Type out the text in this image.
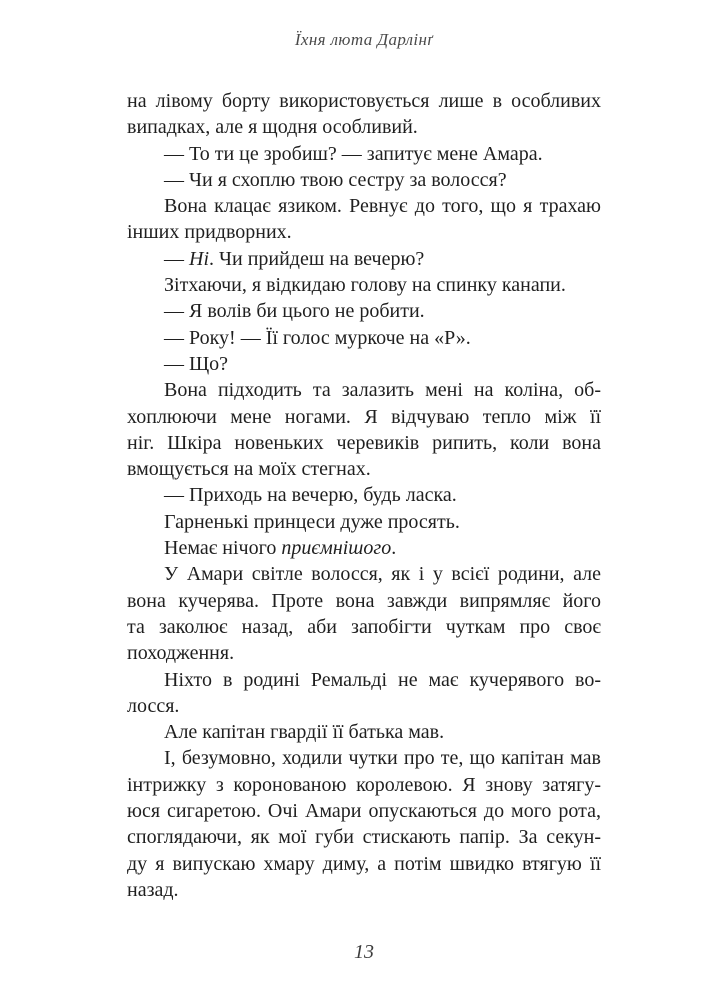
Їхня люта Дарлінґ
на лівому борту використовується лише в особливих
випадках, але я щодня особливий.
— То ти це зробиш? — запитує мене Амара.
— Чи я схоплю твою сестру за волосся?
Вона клацає язиком. Ревнує до того, що я трахаю
інших придворних.
— Ні. Чи прийдеш на вечерю?
Зітхаючи, я відкидаю голову на спинку канапи.
— Я волів би цього не робити.
— Року! — Її голос муркоче на «Р».
— Що?
Вона підходить та залазить мені на коліна, об-
хоплюючи мене ногами. Я відчуваю тепло між її
ніг. Шкіра новеньких черевиків рипить, коли вона
вмощується на моїх стегнах.
— Приходь на вечерю, будь ласка.
Гарненькі принцеси дуже просять.
Немає нічого приємнішого.
У Амари світле волосся, як і у всієї родини, але
вона кучерява. Проте вона завжди випрямляє його
та заколює назад, аби запобігти чуткам про своє
походження.
Ніхто в родині Ремальді не має кучерявого во-
лосся.
Але капітан гвардії її батька мав.
І, безумовно, ходили чутки про те, що капітан мав
інтрижку з коронованою королевою. Я знову затягу-
юся сигаретою. Очі Амари опускаються до мого рота,
споглядаючи, як мої губи стискають папір. За секун-
ду я випускаю хмару диму, а потім швидко втягую її
назад.
13
